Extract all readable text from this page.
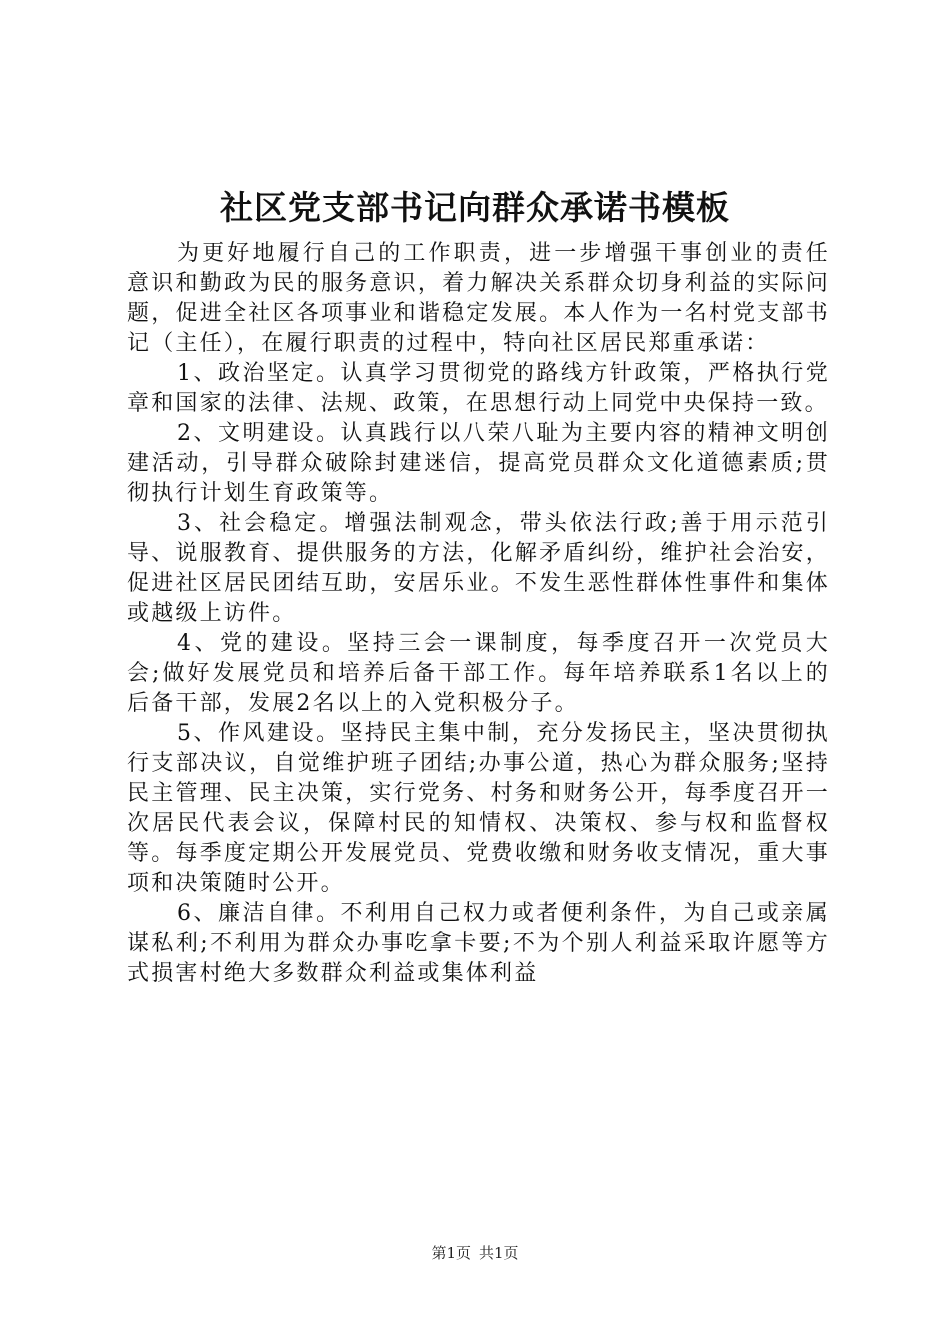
社区党支部书记向群众承诺书模板

为更好地履行自己的工作职责，进一步增强干事创业的责任意识和勤政为民的服务意识，着力解决关系群众切身利益的实际问题，促进全社区各项事业和谐稳定发展。本人作为一名村党支部书记（主任），在履行职责的过程中，特向社区居民郑重承诺：

1、政治坚定。认真学习贯彻党的路线方针政策，严格执行党章和国家的法律、法规、政策，在思想行动上同党中央保持一致。

2、文明建设。认真践行以八荣八耻为主要内容的精神文明创建活动，引导群众破除封建迷信，提高党员群众文化道德素质;贯彻执行计划生育政策等。

3、社会稳定。增强法制观念，带头依法行政;善于用示范引导、说服教育、提供服务的方法，化解矛盾纠纷，维护社会治安，促进社区居民团结互助，安居乐业。不发生恶性群体性事件和集体或越级上访件。

4、党的建设。坚持三会一课制度，每季度召开一次党员大会;做好发展党员和培养后备干部工作。每年培养联系1名以上的后备干部，发展2名以上的入党积极分子。

5、作风建设。坚持民主集中制，充分发扬民主，坚决贯彻执行支部决议，自觉维护班子团结;办事公道，热心为群众服务;坚持民主管理、民主决策，实行党务、村务和财务公开，每季度召开一次居民代表会议，保障村民的知情权、决策权、参与权和监督权等。每季度定期公开发展党员、党费收缴和财务收支情况，重大事项和决策随时公开。

6、廉洁自律。不利用自己权力或者便利条件，为自己或亲属谋私利;不利用为群众办事吃拿卡要;不为个别人利益采取许愿等方式损害村绝大多数群众利益或集体利益

第1页 共1页
